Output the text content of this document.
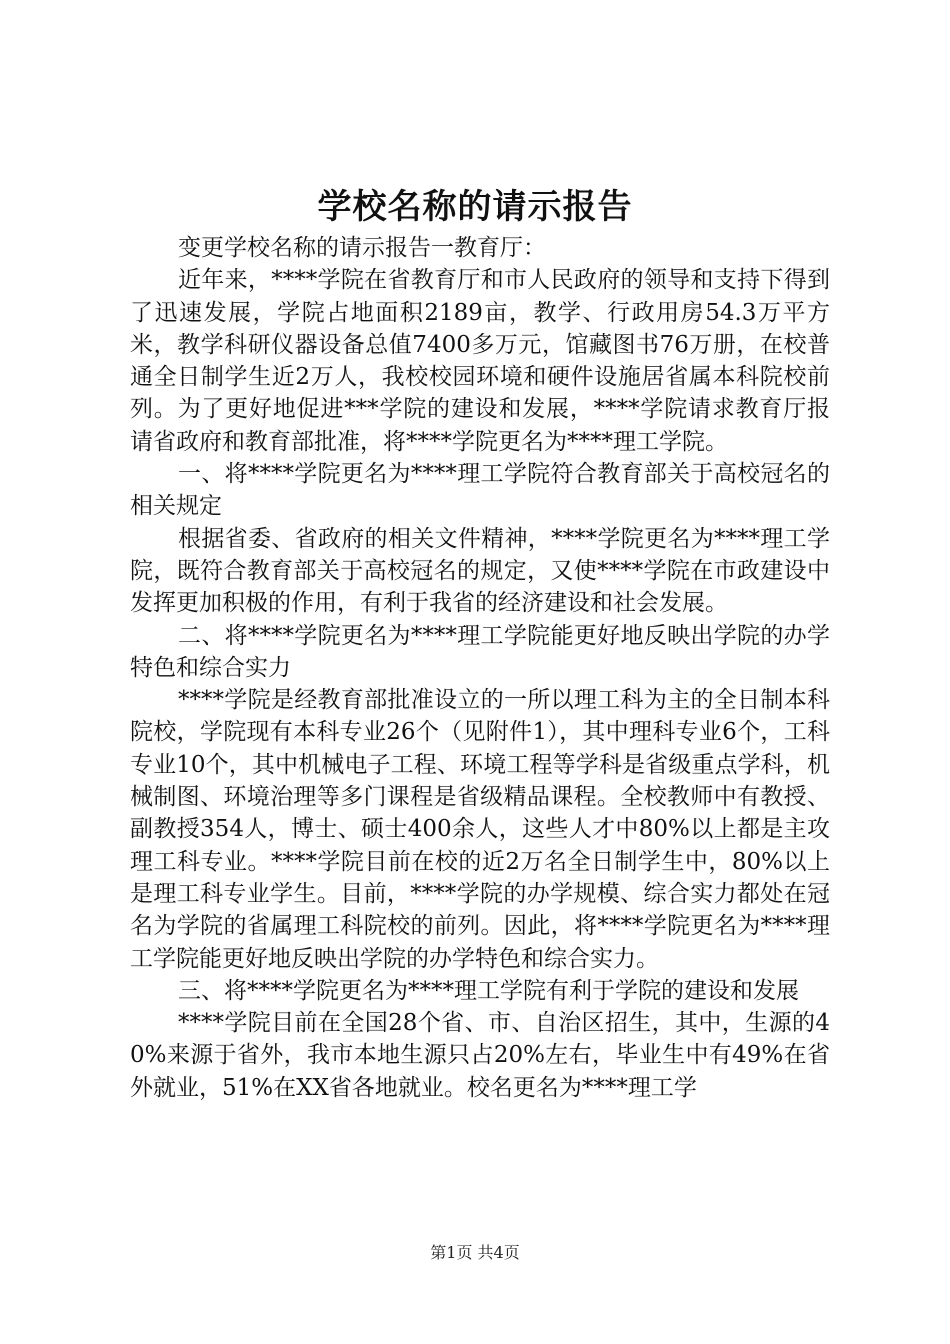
学校名称的请示报告

变更学校名称的请示报告一教育厅：

近年来，****学院在省教育厅和市人民政府的领导和支持下得到了迅速发展，学院占地面积2189亩，教学、行政用房54.3万平方米，教学科研仪器设备总值7400多万元，馆藏图书76万册，在校普通全日制学生近2万人，我校校园环境和硬件设施居省属本科院校前列。为了更好地促进***学院的建设和发展，****学院请求教育厅报请省政府和教育部批准，将****学院更名为****理工学院。

一、将****学院更名为****理工学院符合教育部关于高校冠名的相关规定

根据省委、省政府的相关文件精神，****学院更名为****理工学院，既符合教育部关于高校冠名的规定，又使****学院在市政建设中发挥更加积极的作用，有利于我省的经济建设和社会发展。

二、将****学院更名为****理工学院能更好地反映出学院的办学特色和综合实力

****学院是经教育部批准设立的一所以理工科为主的全日制本科院校，学院现有本科专业26个（见附件1），其中理科专业6个，工科专业10个，其中机械电子工程、环境工程等学科是省级重点学科，机械制图、环境治理等多门课程是省级精品课程。全校教师中有教授、副教授354人，博士、硕士400余人，这些人才中80%以上都是主攻理工科专业。****学院目前在校的近2万名全日制学生中，80%以上是理工科专业学生。目前，****学院的办学规模、综合实力都处在冠名为学院的省属理工科院校的前列。因此，将****学院更名为****理工学院能更好地反映出学院的办学特色和综合实力。

三、将****学院更名为****理工学院有利于学院的建设和发展

****学院目前在全国28个省、市、自治区招生，其中，生源的40%来源于省外，我市本地生源只占20%左右，毕业生中有49%在省外就业，51%在XX省各地就业。校名更名为****理工学

第1页 共4页
